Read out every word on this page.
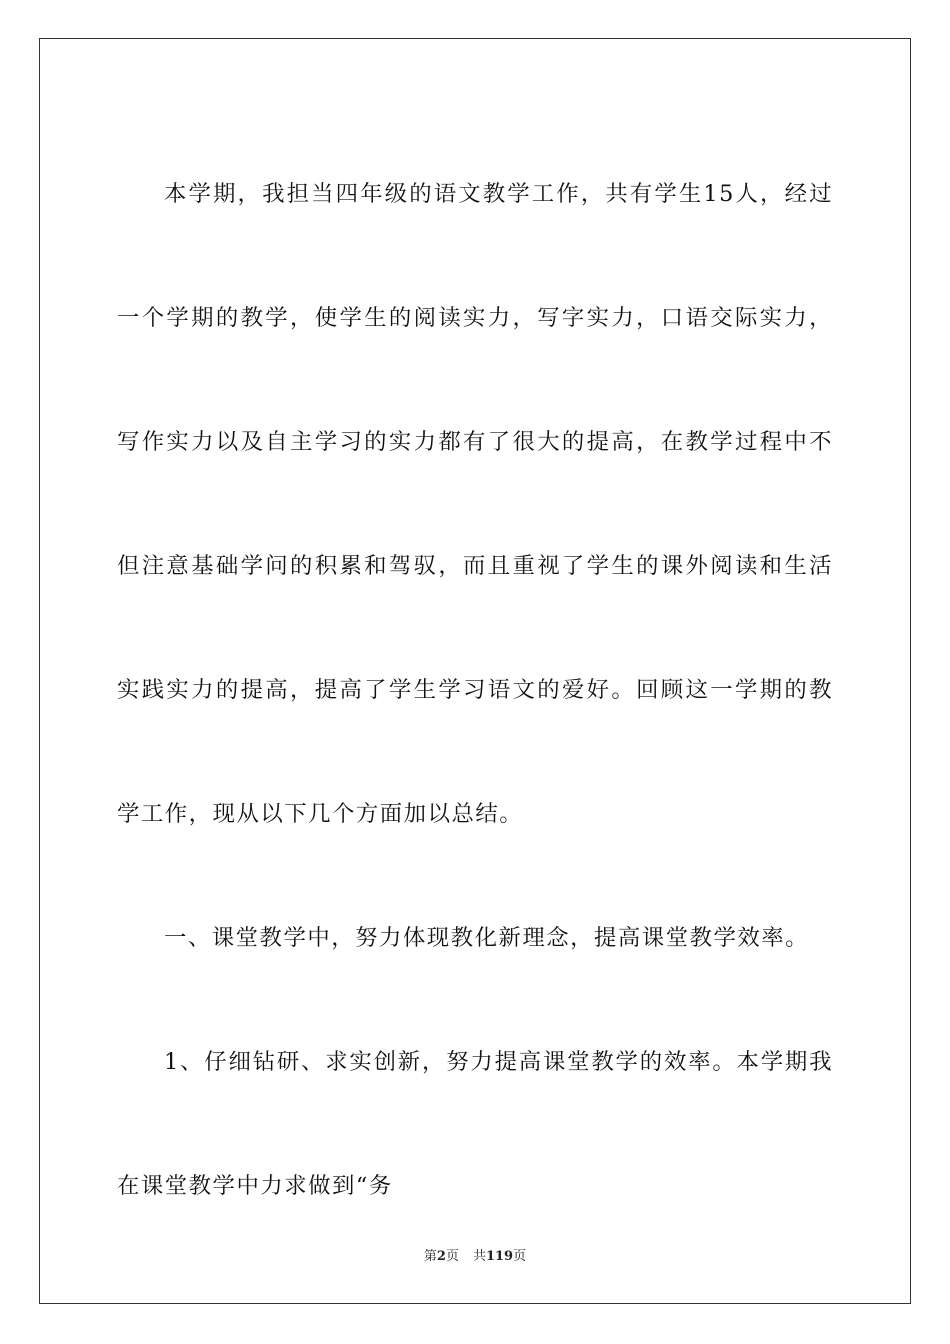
本学期，我担当四年级的语文教学工作，共有学生15人，经过一个学期的教学，使学生的阅读实力，写字实力，口语交际实力，写作实力以及自主学习的实力都有了很大的提高，在教学过程中不但注意基础学问的积累和驾驭，而且重视了学生的课外阅读和生活实践实力的提高，提高了学生学习语文的爱好。回顾这一学期的教学工作，现从以下几个方面加以总结。

一、课堂教学中，努力体现教化新理念，提高课堂教学效率。

1、仔细钻研、求实创新，努力提高课堂教学的效率。本学期我在课堂教学中力求做到“务

第2页 共119页
